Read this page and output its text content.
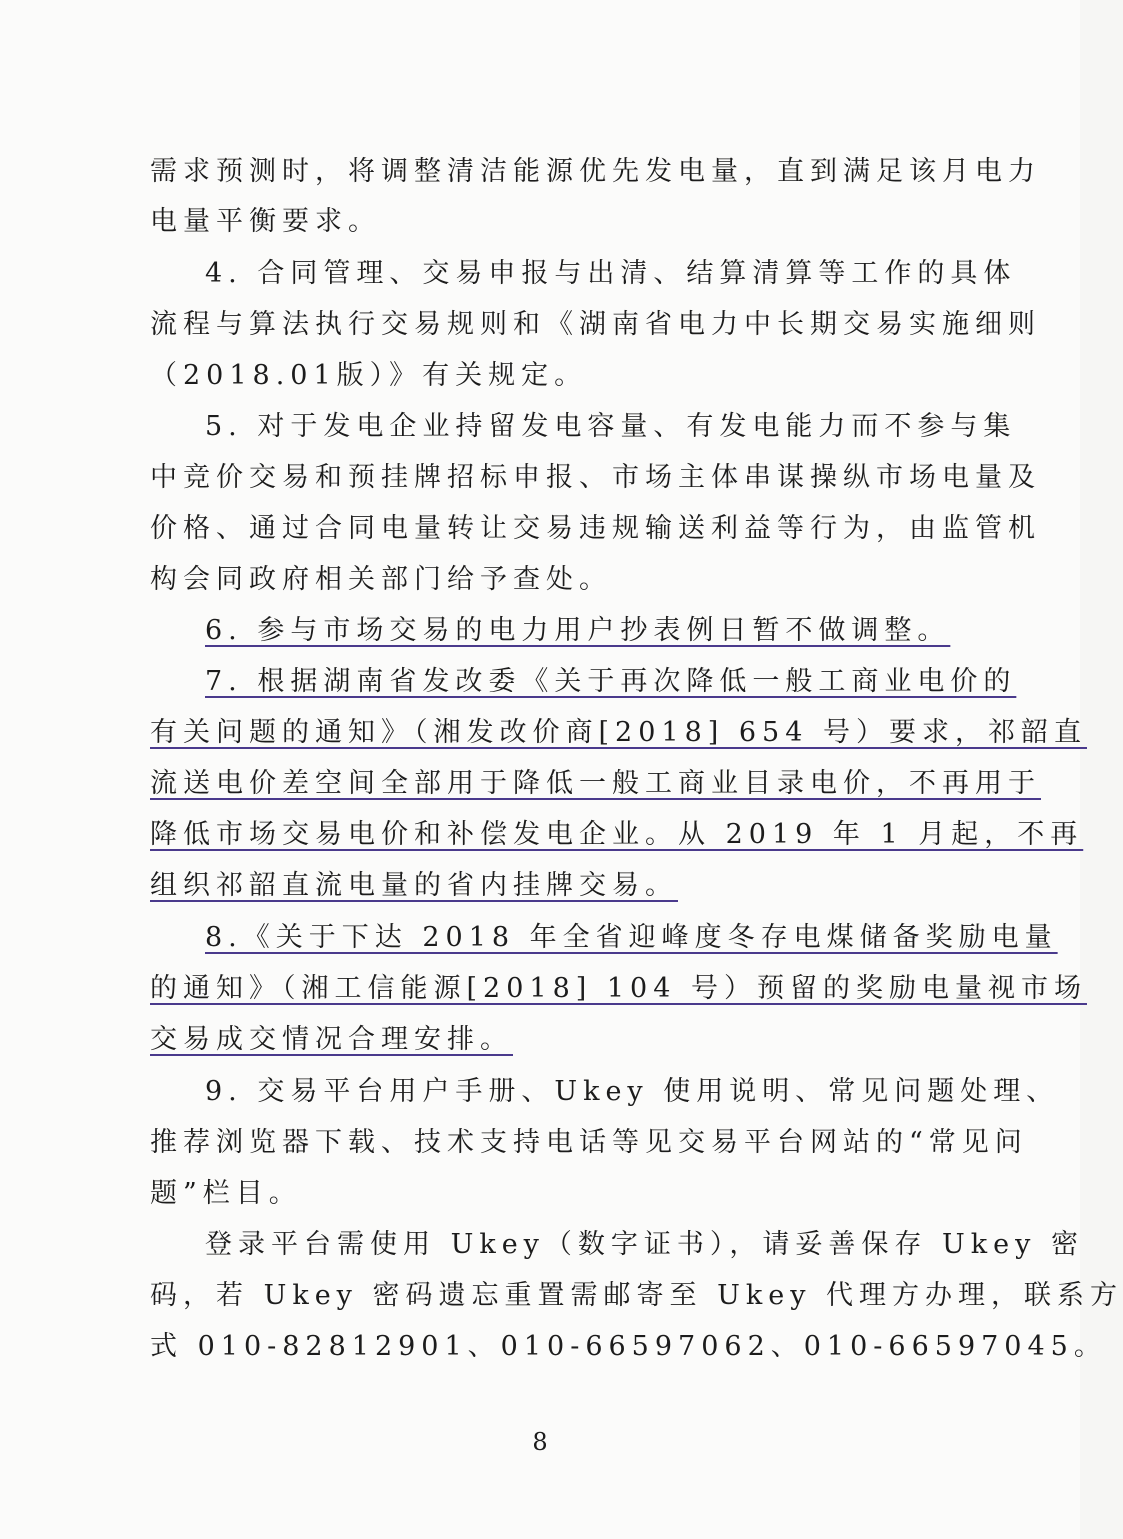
需求预测时，将调整清洁能源优先发电量，直到满足该月电力
电量平衡要求。
4. 合同管理、交易申报与出清、结算清算等工作的具体
流程与算法执行交易规则和《湖南省电力中长期交易实施细则
（2018.01版）》有关规定。
5. 对于发电企业持留发电容量、有发电能力而不参与集
中竞价交易和预挂牌招标申报、市场主体串谋操纵市场电量及
价格、通过合同电量转让交易违规输送利益等行为，由监管机
构会同政府相关部门给予查处。
6. 参与市场交易的电力用户抄表例日暂不做调整。
7. 根据湖南省发改委《关于再次降低一般工商业电价的
有关问题的通知》（湘发改价商[2018] 654 号）要求，祁韶直
流送电价差空间全部用于降低一般工商业目录电价，不再用于
降低市场交易电价和补偿发电企业。从 2019 年 1 月起，不再
组织祁韶直流电量的省内挂牌交易。
8.《关于下达 2018 年全省迎峰度冬存电煤储备奖励电量
的通知》（湘工信能源[2018] 104 号）预留的奖励电量视市场
交易成交情况合理安排。
9. 交易平台用户手册、Ukey 使用说明、常见问题处理、
推荐浏览器下载、技术支持电话等见交易平台网站的“常见问
题”栏目。
登录平台需使用 Ukey（数字证书），请妥善保存 Ukey 密
码，若 Ukey 密码遗忘重置需邮寄至 Ukey 代理方办理，联系方
式 010-82812901、010-66597062、010-66597045。
8
